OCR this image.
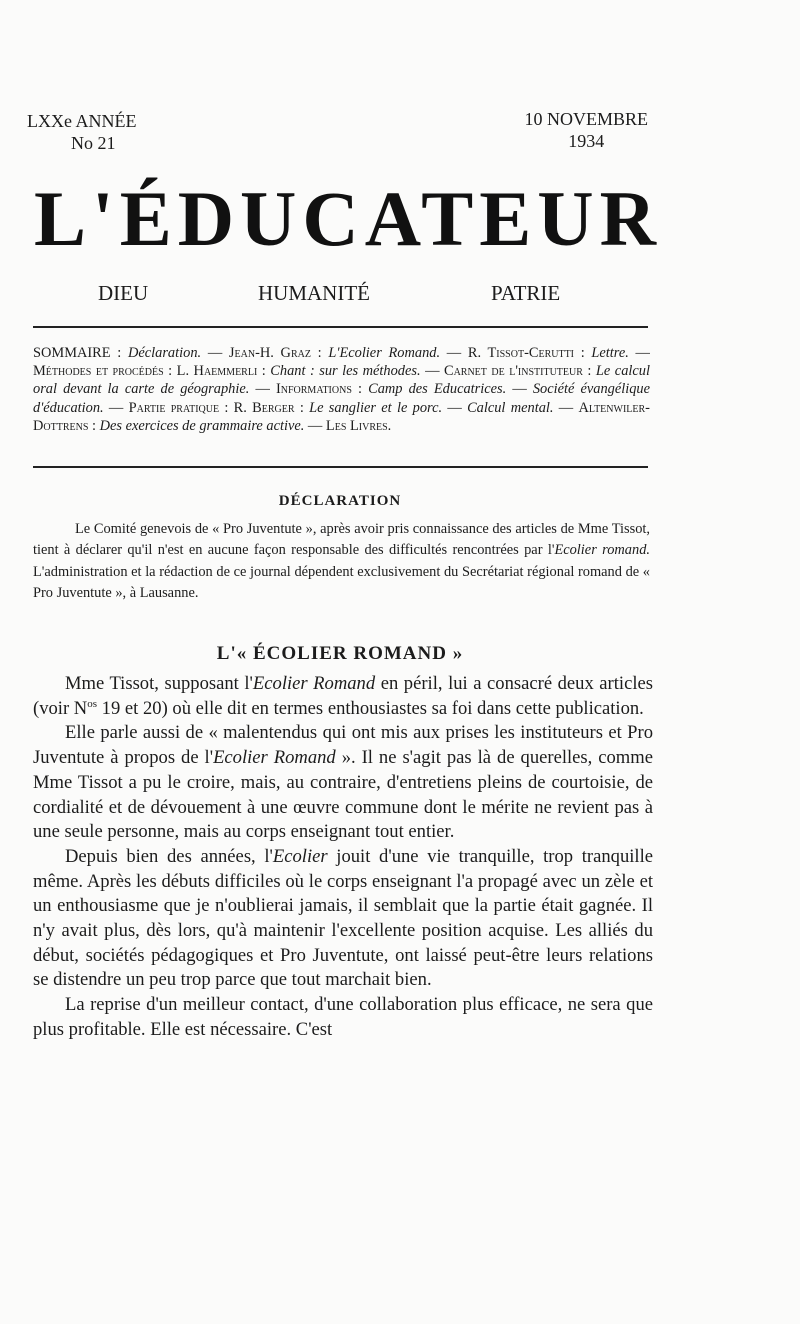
LXXe ANNÉE
No 21
10 NOVEMBRE
1934
L'ÉDUCATEUR
DIEU	HUMANITÉ	PATRIE
SOMMAIRE : Déclaration. — Jean-H. Graz : L'Ecolier Romand. — R. Tissot-Cerutti : Lettre. — Méthodes et procédés : L. Haemmerli : Chant : sur les méthodes. — Carnet de l'instituteur : Le calcul oral devant la carte de géographie. — Informations : Camp des Educatrices. — Société évangélique d'éducation. — Partie pratique : R. Berger : Le sanglier et le porc. — Calcul mental. — Altenwiler-Dottrens : Des exercices de grammaire active. — Les Livres.
DÉCLARATION
Le Comité genevois de « Pro Juventute », après avoir pris connaissance des articles de Mme Tissot, tient à déclarer qu'il n'est en aucune façon responsable des difficultés rencontrées par l'Ecolier romand. L'administration et la rédaction de ce journal dépendent exclusivement du Secrétariat régional romand de « Pro Juventute », à Lausanne.
L'« ÉCOLIER ROMAND »

Mme Tissot, supposant l'Ecolier Romand en péril, lui a consacré deux articles (voir $N^{os}$ 19 et 20) où elle dit en termes enthousiastes sa foi dans cette publication.

Elle parle aussi de « malentendus qui ont mis aux prises les instituteurs et Pro Juventute à propos de l'Ecolier Romand ». Il ne s'agit pas là de querelles, comme Mme Tissot a pu le croire, mais, au contraire, d'entretiens pleins de courtoisie, de cordialité et de dévouement à une œuvre commune dont le mérite ne revient pas à une seule personne, mais au corps enseignant tout entier.

Depuis bien des années, l'Ecolier jouit d'une vie tranquille, trop tranquille même. Après les débuts difficiles où le corps enseignant l'a propagé avec un zèle et un enthousiasme que je n'oublierai jamais, il semblait que la partie était gagnée. Il n'y avait plus, dès lors, qu'à maintenir l'excellente position acquise. Les alliés du début, sociétés pédagogiques et Pro Juventute, ont laissé peut-être leurs relations se distendre un peu trop parce que tout marchait bien.

La reprise d'un meilleur contact, d'une collaboration plus efficace, ne sera que plus profitable. Elle est nécessaire. C'est
